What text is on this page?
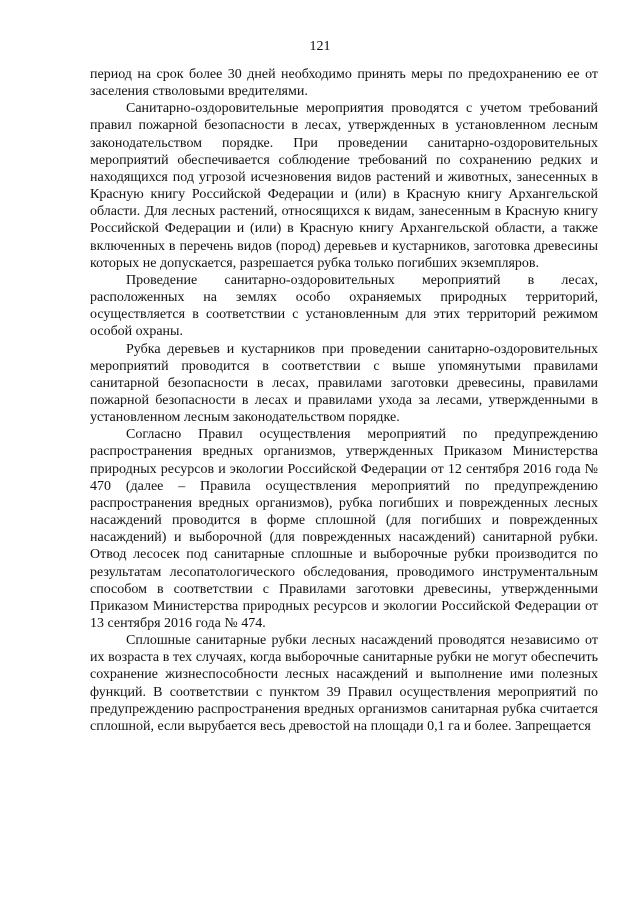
121

период на срок более 30 дней необходимо принять меры по предохранению ее от заселения стволовыми вредителями.

Санитарно-оздоровительные мероприятия проводятся с учетом требований правил пожарной безопасности в лесах, утвержденных в установленном лесным законодательством порядке. При проведении санитарно-оздоровительных мероприятий обеспечивается соблюдение требований по сохранению редких и находящихся под угрозой исчезновения видов растений и животных, занесенных в Красную книгу Российской Федерации и (или) в Красную книгу Архангельской области. Для лесных растений, относящихся к видам, занесенным в Красную книгу Российской Федерации и (или) в Красную книгу Архангельской области, а также включенных в перечень видов (пород) деревьев и кустарников, заготовка древесины которых не допускается, разрешается рубка только погибших экземпляров.

Проведение санитарно-оздоровительных мероприятий в лесах, расположенных на землях особо охраняемых природных территорий, осуществляется в соответствии с установленным для этих территорий режимом особой охраны.

Рубка деревьев и кустарников при проведении санитарно-оздоровительных мероприятий проводится в соответствии с выше упомянутыми правилами санитарной безопасности в лесах, правилами заготовки древесины, правилами пожарной безопасности в лесах и правилами ухода за лесами, утвержденными в установленном лесным законодательством порядке.

Согласно Правил осуществления мероприятий по предупреждению распространения вредных организмов, утвержденных Приказом Министерства природных ресурсов и экологии Российской Федерации от 12 сентября 2016 года № 470 (далее – Правила осуществления мероприятий по предупреждению распространения вредных организмов), рубка погибших и поврежденных лесных насаждений проводится в форме сплошной (для погибших и поврежденных насаждений) и выборочной (для поврежденных насаждений) санитарной рубки. Отвод лесосек под санитарные сплошные и выборочные рубки производится по результатам лесопатологического обследования, проводимого инструментальным способом в соответствии с Правилами заготовки древесины, утвержденными Приказом Министерства природных ресурсов и экологии Российской Федерации от 13 сентября 2016 года № 474.

Сплошные санитарные рубки лесных насаждений проводятся независимо от их возраста в тех случаях, когда выборочные санитарные рубки не могут обеспечить сохранение жизнеспособности лесных насаждений и выполнение ими полезных функций. В соответствии с пунктом 39 Правил осуществления мероприятий по предупреждению распространения вредных организмов санитарная рубка считается сплошной, если вырубается весь древостой на площади 0,1 га и более. Запрещается
